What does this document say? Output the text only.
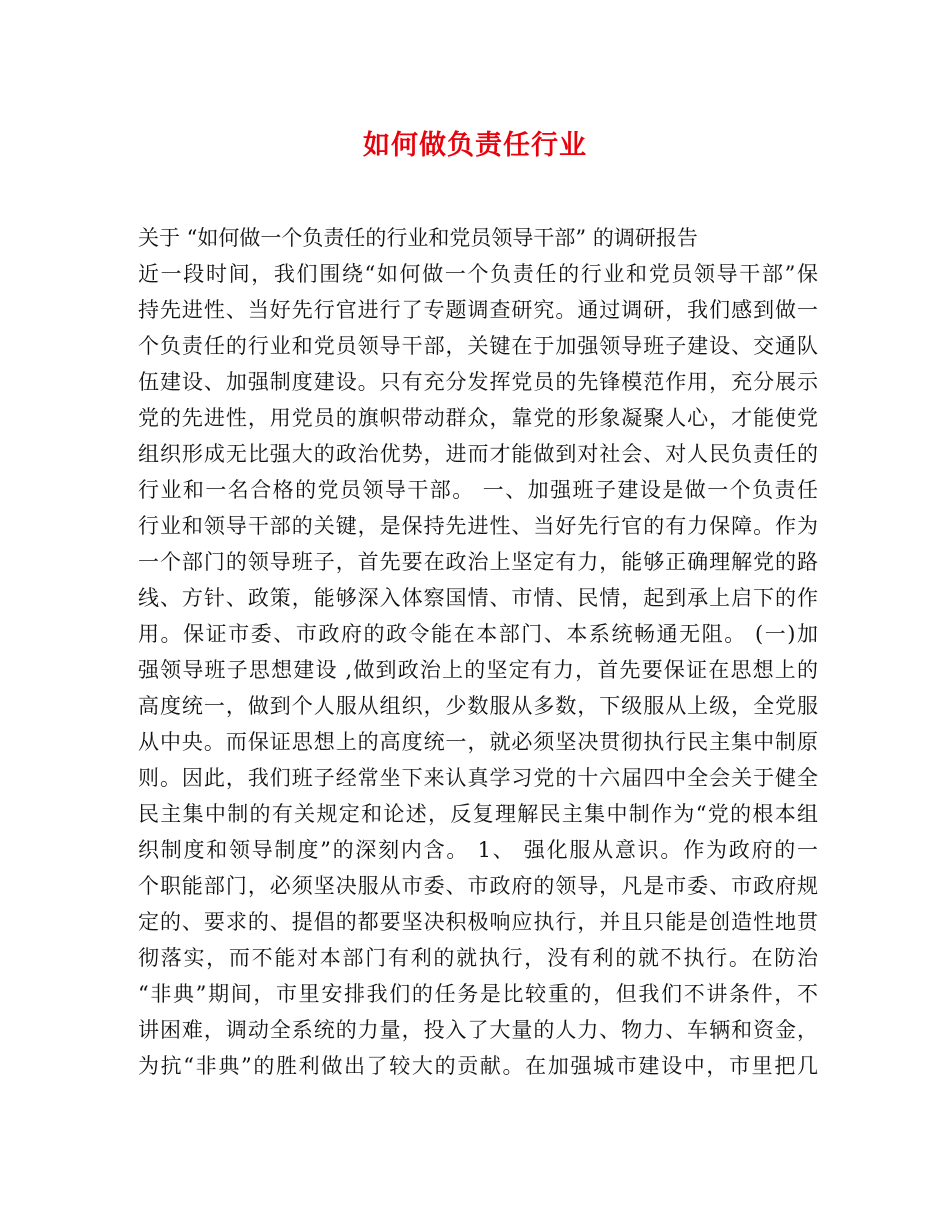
如何做负责任行业
关于 “如何做一个负责任的行业和党员领导干部” 的调研报告
近一段时间，我们围绕“如何做一个负责任的行业和党员领导干部”保
持先进性、当好先行官进行了专题调查研究。通过调研，我们感到做一
个负责任的行业和党员领导干部，关键在于加强领导班子建设、交通队
伍建设、加强制度建设。只有充分发挥党员的先锋模范作用，充分展示
党的先进性，用党员的旗帜带动群众，靠党的形象凝聚人心，才能使党
组织形成无比强大的政治优势，进而才能做到对社会、对人民负责任的
行业和一名合格的党员领导干部。 一、加强班子建设是做一个负责任
行业和领导干部的关键，是保持先进性、当好先行官的有力保障。作为
一个部门的领导班子，首先要在政治上坚定有力，能够正确理解党的路
线、方针、政策，能够深入体察国情、市情、民情，起到承上启下的作
用。保证市委、市政府的政令能在本部门、本系统畅通无阻。 (一)加
强领导班子思想建设 ,做到政治上的坚定有力，首先要保证在思想上的
高度统一，做到个人服从组织，少数服从多数，下级服从上级，全党服
从中央。而保证思想上的高度统一，就必须坚决贯彻执行民主集中制原
则。因此，我们班子经常坐下来认真学习党的十六届四中全会关于健全
民主集中制的有关规定和论述，反复理解民主集中制作为“党的根本组
织制度和领导制度”的深刻内含。 1、 强化服从意识。作为政府的一
个职能部门，必须坚决服从市委、市政府的领导，凡是市委、市政府规
定的、要求的、提倡的都要坚决积极响应执行，并且只能是创造性地贯
彻落实，而不能对本部门有利的就执行，没有利的就不执行。在防治
“非典”期间，市里安排我们的任务是比较重的，但我们不讲条件，不
讲困难，调动全系统的力量，投入了大量的人力、物力、车辆和资金，
为抗“非典”的胜利做出了较大的贡献。在加强城市建设中，市里把几
